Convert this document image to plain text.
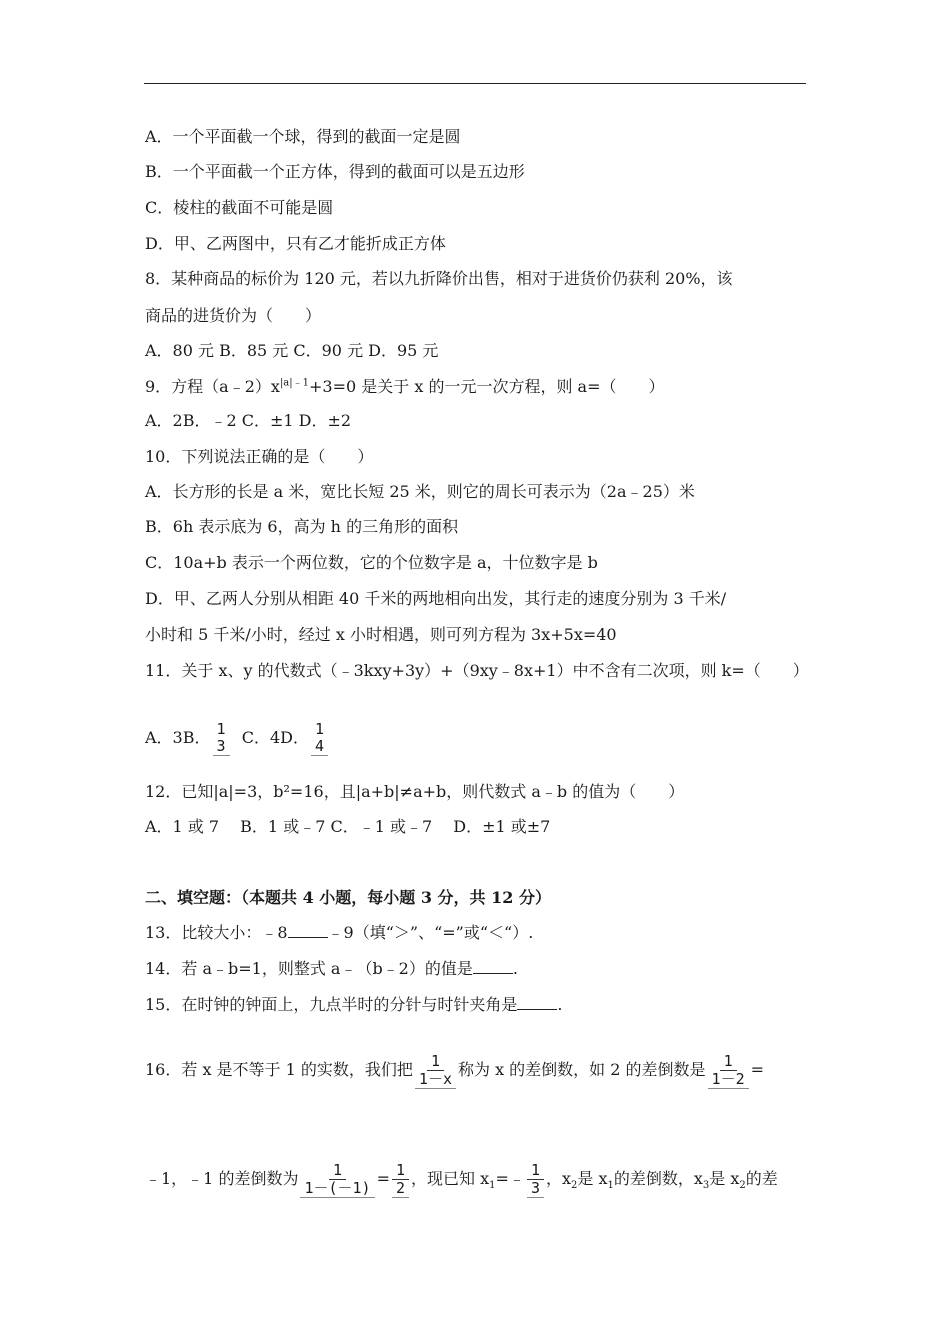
A．一个平面截一个球，得到的截面一定是圆
B．一个平面截一个正方体，得到的截面可以是五边形
C．棱柱的截面不可能是圆
D．甲、乙两图中，只有乙才能折成正方体
8．某种商品的标价为 120 元，若以九折降价出售，相对于进货价仍获利 20%，该
商品的进货价为（　　）
A．80 元 B．85 元 C．90 元 D．95 元
9．方程$(a﹣2)x^{|a|﹣1}+3=0$ 是关于 x 的一元一次方程，则 a=（　　）
A．2B．﹣2 C．±1 D．±2
10．下列说法正确的是（　　）
A．长方形的长是 a 米，宽比长短 25 米，则它的周长可表示为（2a﹣25）米
B．6h 表示底为 6，高为 h 的三角形的面积
C．10a+b 表示一个两位数，它的个位数字是 a，十位数字是 b
D．甲、乙两人分别从相距 40 千米的两地相向出发，其行走的速度分别为 3 千米/
小时和 5 千米/小时，经过 x 小时相遇，则可列方程为 3x+5x=40
11．关于 x、y 的代数式（﹣3kxy+3y）+（9xy﹣8x+1）中不含有二次项，则 k=（　　）
A．3B． 1
3 C．4D． 1
4
12．已知|a|=3，b²=16，且|a+b|≠a+b，则代数式 a﹣b 的值为（　　）
A．1 或 7　 B．1 或﹣7 C．﹣1 或﹣7　 D．±1 或±7
二、填空题：（本题共 4 小题，每小题 3 分，共 12 分）
13．比较大小：﹣8	﹣9（填“＞”、“=”或“＜“）.
14．若 a﹣b=1，则整式 a﹣（b﹣2）的值是	.
15．在时钟的钟面上，九点半时的分针与时针夹角是	.
16．若 x 是不等于 1 的实数，我们把 $\frac{1}{1-x}$ 称为 x 的差倒数，如 2 的差倒数是 $\frac{1}{1-2}$ =
﹣1，﹣1 的差倒数为 $\frac{1}{1-(-1)} = \frac{1}{2}$ ，现已知 $x_1=﹣ \frac{1}{3}$ ，$x_2$是 $x_1$的差倒数，$x_3$是 $x_2$的差
